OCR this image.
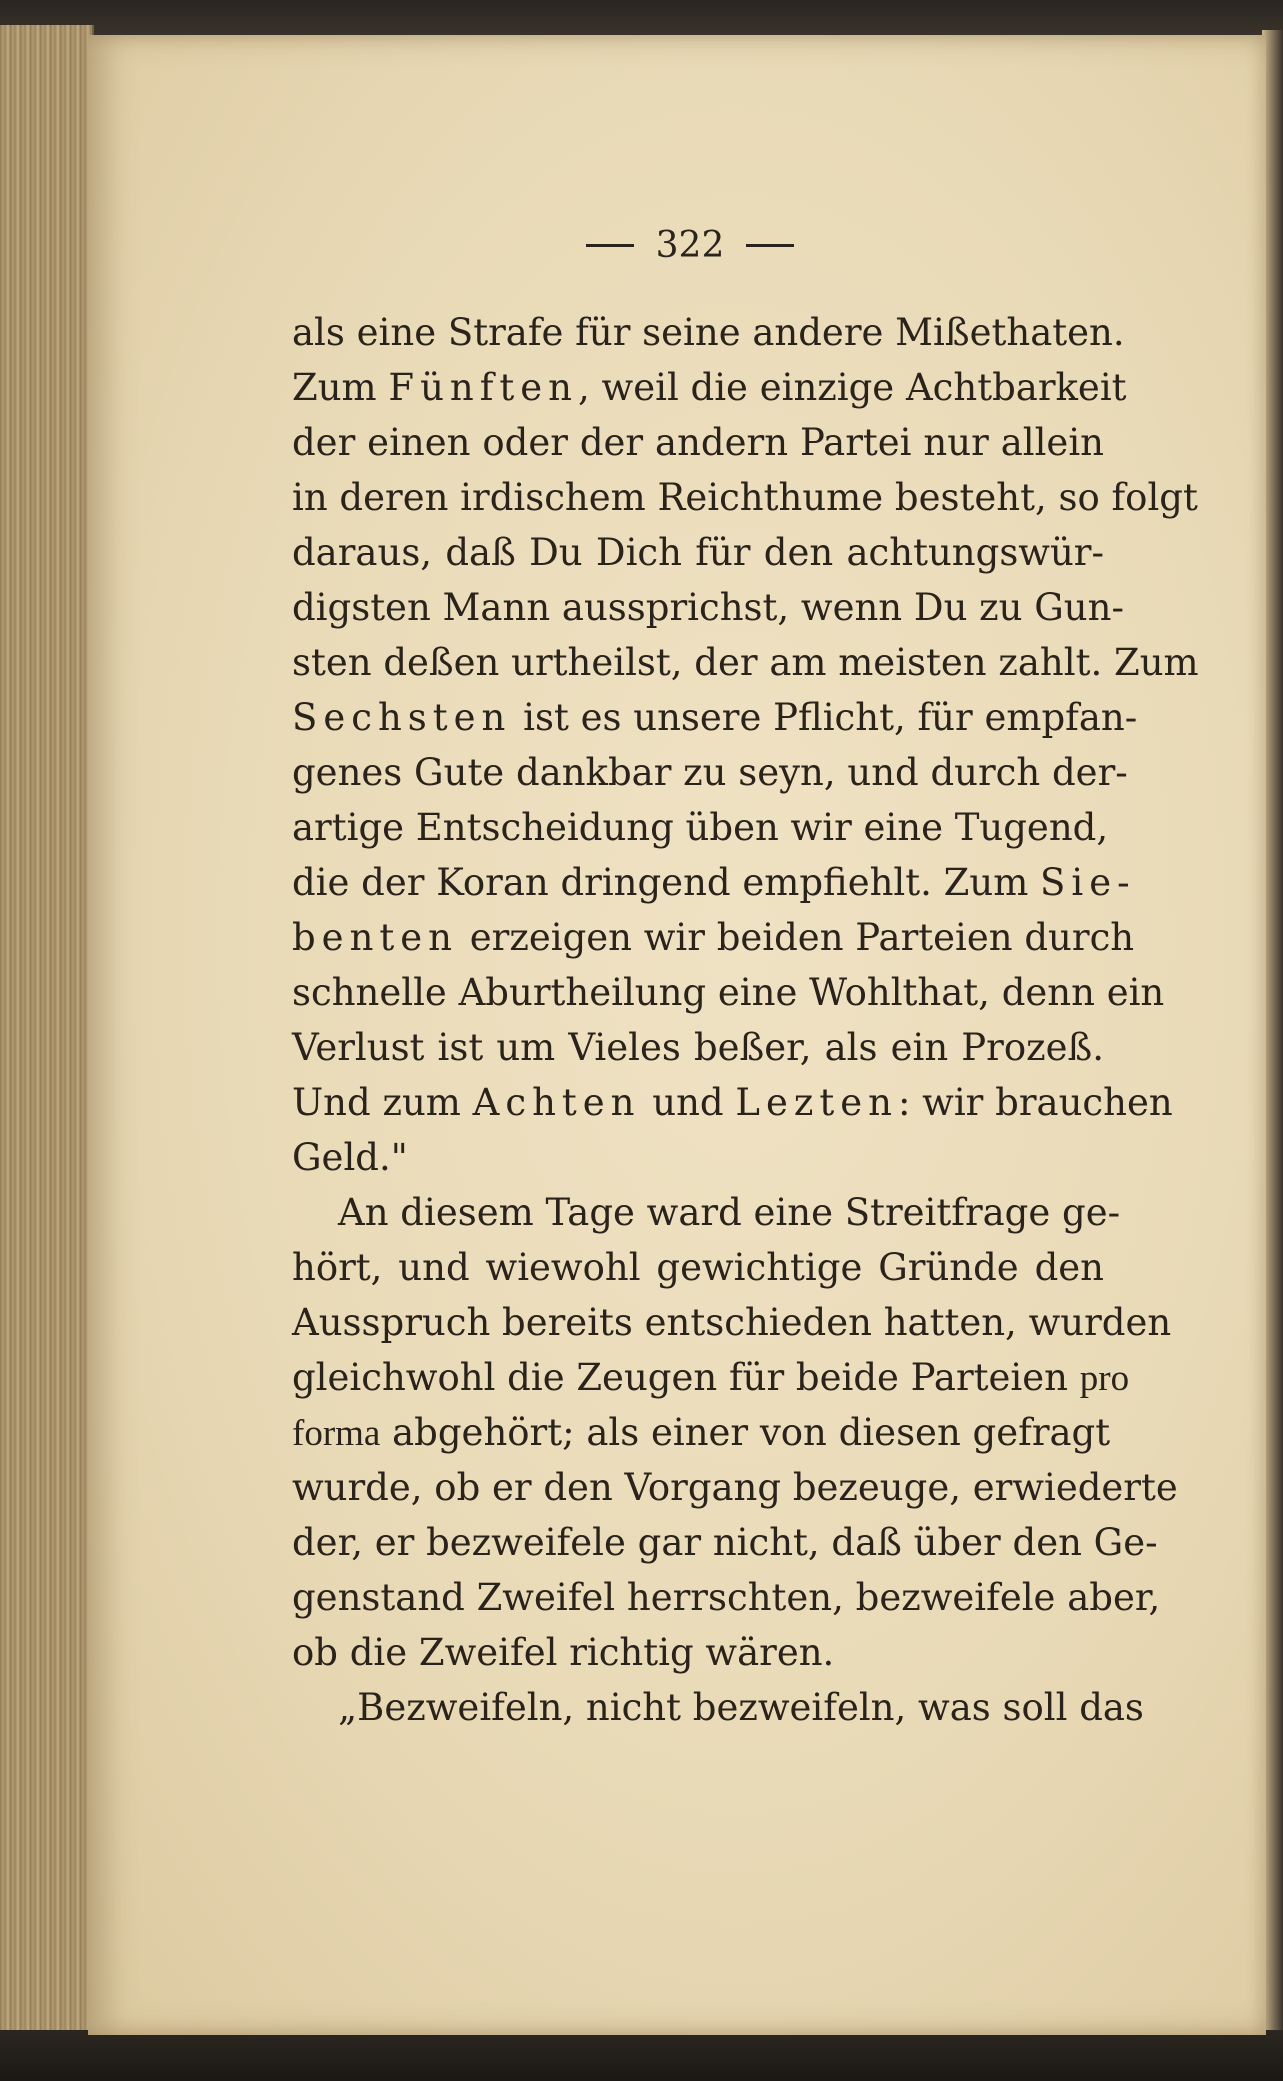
322
als eine Strafe für seine andere Mißethaten.
Zum Fünften, weil die einzige Achtbarkeit
der einen oder der andern Partei nur allein
in deren irdischem Reichthume besteht, so folgt
daraus, daß Du Dich für den achtungswür-
digsten Mann aussprichst, wenn Du zu Gun-
sten deßen urtheilst, der am meisten zahlt. Zum
Sechsten ist es unsere Pflicht, für empfan-
genes Gute dankbar zu seyn, und durch der-
artige Entscheidung üben wir eine Tugend,
die der Koran dringend empfiehlt. Zum Sie-
benten erzeigen wir beiden Parteien durch
schnelle Aburtheilung eine Wohlthat, denn ein
Verlust ist um Vieles beßer, als ein Prozeß.
Und zum Achten und Lezten: wir brauchen
Geld."
An diesem Tage ward eine Streitfrage ge-
hört, und wiewohl gewichtige Gründe den
Ausspruch bereits entschieden hatten, wurden
gleichwohl die Zeugen für beide Parteien pro
forma abgehört; als einer von diesen gefragt
wurde, ob er den Vorgang bezeuge, erwiederte
der, er bezweifele gar nicht, daß über den Ge-
genstand Zweifel herrschten, bezweifele aber,
ob die Zweifel richtig wären.
„Bezweifeln, nicht bezweifeln, was soll das
